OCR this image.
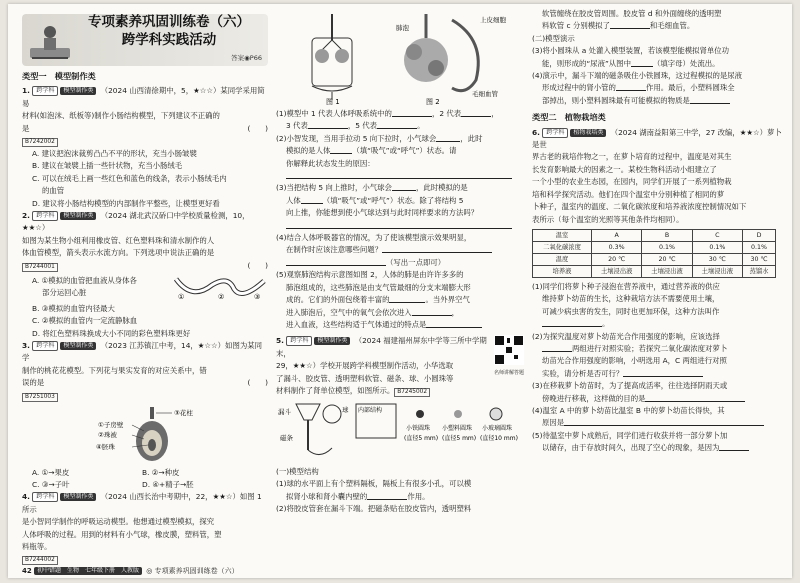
专项素养巩固训练卷（六）
跨学科实践活动
答案◉P66
类型一　模型制作类

1. 跨学科 模型制作类 （2024 山西清徐期中，5，★☆☆）某同学采用简易

材料(如泡沫、纸板等)制作小肠结构模型，下列建议不正确的

是	(　　)

B7242002

A. 建议把泡沫裁剪凸凸不平的形状，充当小肠皱襞

B. 建议在皱襞上插一些针状物，充当小肠绒毛

C. 可以在绒毛上画一些红色和蓝色的线条，表示小肠绒毛内

的血管

D. 建议将小肠结构模型的内部制作平整些，让模型更好看

2. 跨学科 模型制作类 （2024 湖北武汉硚口中学校质量检测，10，★★☆）

如图为某生物小组利用橡皮管、红色塑料珠和清水制作的人

体血管模型，箭头表示水流方向。下列选项中说法正确的是

B7244001	(　　)

A. ①模拟的血管把血液从身体各

部分运回心脏	①	②	③

B. ③模拟的血管内径最大

C. ②模拟的血管内一定流静脉血

D. 将红色塑料珠换成大小不同的彩色塑料珠更好

3. 跨学科 模型制作类 （2023 江苏镇江中考，14，★☆☆）如图为某同学

制作的桃花花模型。下列花与果实发育的对应关系中，错

误的是	(　　)

B7251003

①子房壁
②珠被
④胚珠
③花柱

A. ①→果皮	B. ②→种皮

C. ③→子叶	D. ④+精子→胚

4. 跨学科 模型制作类 （2024 山西长治中考期中，22，★★☆）如图 1 所示

是小智同学制作的呼吸运动模型。他想通过模型模拟，探究

人体呼吸的过程。用到的材料有小气球，橡皮膜，塑料管，塑

料瓶等。

B7244002

图 1
肺泡
上皮细胞
毛细血管
图 2

(1)模型中 1 代表人体呼吸系统中的	，2 代表	，

3 代表	，5 代表	。

(2)小智发现，当用手拉动 5 向下拉时，小气球会	，此时

模拟的是人体	（填“吸气”或“呼气”）状态。请

你解释此状态发生的原因：

(3)当把结构 5 向上推时，小气球会	，此时模拟的是

人体	（填“吸气”或“呼气”）状态。除了将结构 5

向上推，你能想到使小气球达到与此时同样要求的方法吗？

(4)结合人体呼吸器官的情况，为了使该模型演示效果明显，

在制作时应该注意哪些问题？

（写出一点即可）

(5)观察肺泡结构示意图如图 2，人体的肺是由许许多多的

肺泡组成的，这些肺泡是由支气管最细的分支末端膨大形

成的。它们的外面包绕着丰富的	。当外界空气

进入肺泡后，空气中的氧气会依次进入	，

进入血液，这些结构适于气体通过的特点是

5. 跨学科 模型制作类 （2024 福建福州屏东中学等三所中学期末，

29，★★☆）学校开展跨学科模型制作活动，小华选取

了漏斗、胶皮管、透明塑料软管、磁条、球、小圆珠等

材料制作了肾单位模型，如图所示。 B7245002

名师讲解答题
漏斗	球
磁条
内部结构
小铁圆珠 小塑料圆珠 小玻璃圆珠
(直径5 mm) (直径5 mm) (直径10 mm)

(一)模型结构

(1)球的水平面上有个塑料隔板，隔板上有很多小孔，可以模

拟肾小球和肾小囊内壁的	作用。

(2)将胶皮管套在漏斗下端。把磁条贴在胶皮管内，透明塑料

软管缠绕在胶皮管周围。胶皮管 d 和外面缠绕的透明塑

料软管 c 分别模拟了	和毛细血管。

(二)模型演示

(3)将小圆珠从 a 处灌入模型装置，若该模型能模拟肾单位功

能，则形成的“尿液”从图中	（填字母）处流出。

(4)演示中，漏斗下端的磁条吸住小铁圆珠，这过程模拟的是尿液

形成过程中的肾小管的	作用。最后，小塑料圆珠全

部掉出，则小塑料圆珠最有可能模拟的物质是

类型二　植物栽培类

6. 跨学科 植物栽培类 （2024 湖南益阳第三中学，27 改编，★★☆）萝卜是世

界古老的栽培作物之一，在萝卜培育的过程中，温度是对其生

长发育影响最大的因素之一。某校生物科活动小组建立了

一个小型的农业生态园，在园内，同学们开展了一系列植物栽

培和科学探究活动。他们在四个温室中分别种植了相同的萝

卜种子，温室内的温度、二氧化碳浓度和培养液浓度控制情况如下

表所示（每个温室的光照等其他条件均相同）。

温室	A	B	C	D
二氧化碳浓度	0.3%	0.1%	0.1%	0.1%
温度	20 ℃	20 ℃	30 ℃	30 ℃
培养液	土壤浸出液	土壤浸出液	土壤浸出液	蒸馏水

(1)同学们将萝卜种子浸泡在营养液中，通过营养液的供应

维持萝卜幼苗的生长，这种栽培方法不需要使用土壤，

可减少病虫害的发生，同时也更加环保，这种方法叫作

。

(2)为探究温度对萝卜幼苗光合作用强度的影响，应该选择

两组进行对照实验；若探究二氧化碳浓度对萝卜

幼苗光合作用强度的影响，小明选用 A，C 两组进行对照

实验，请分析是否可行？

(3)在移栽萝卜幼苗时，为了提高成活率，往往选择阴雨天或

傍晚进行移栽，这样做的目的是

(4)温室 A 中的萝卜幼苗比温室 B 中的萝卜幼苗长得快，其

原因是

(5)待温室中萝卜成熟后，同学们进行收获并将一部分萝卜加

以储存，由于存放时间久，出现了空心的现象，是因为

42 初中错题　生物　七年级下册　人教版 ◎ 专项素养巩固训练卷（六）
